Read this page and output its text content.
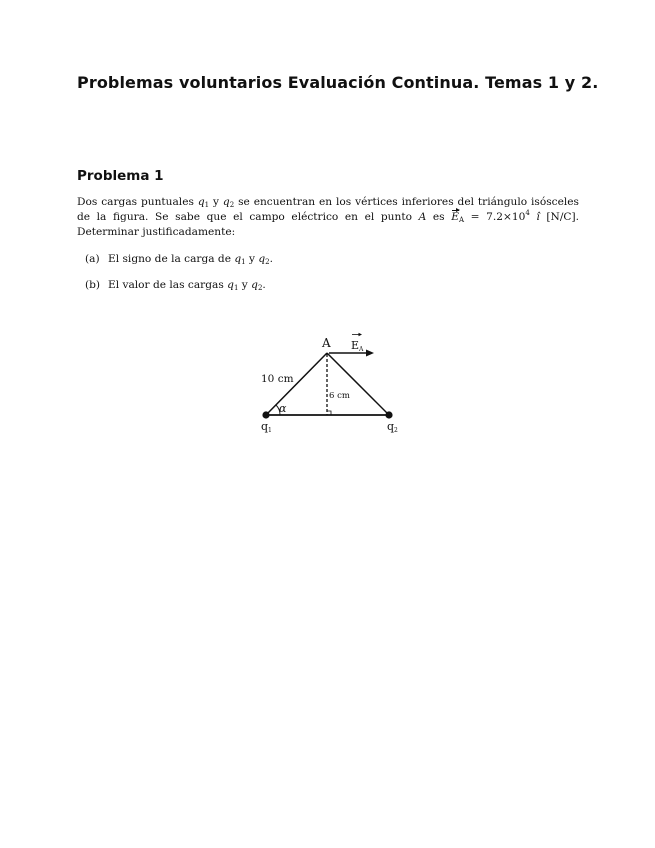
Problemas voluntarios Evaluación Continua. Temas 1 y 2.
Problema 1

Dos cargas puntuales $q_1$ y $q_2$ se encuentran en los vértices inferiores del triángulo isósceles de la figura. Se sabe que el campo eléctrico en el punto A es $E_A = 7.2\times 10^4$ î [N/C]. Determinar justificadamente:

(a) El signo de la carga de $q_1$ y $q_2$.
(b) El valor de las cargas $q_1$ y $q_2$.
A EA
10 cm
6 cm
α
q1	q2
